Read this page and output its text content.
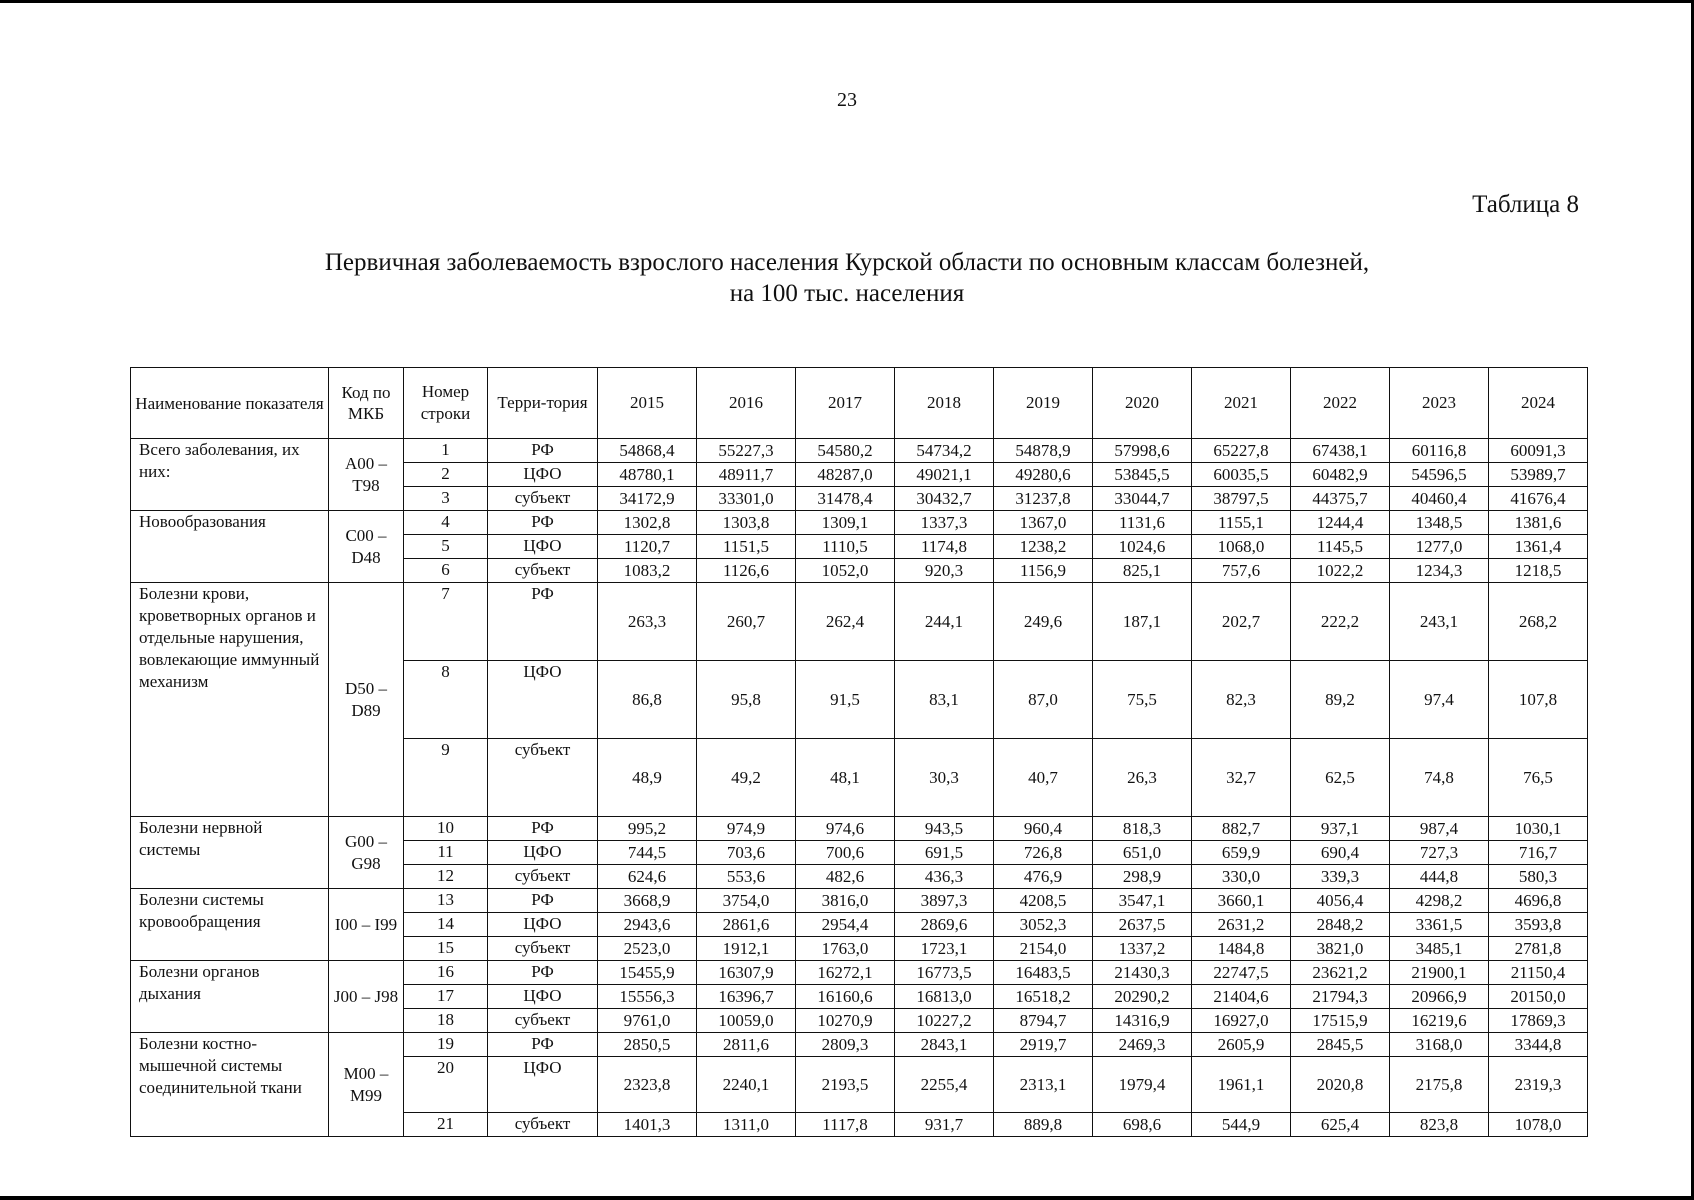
23
Таблица 8
Первичная заболеваемость взрослого населения Курской области по основным классам болезней,
на 100 тыс. населения
Наименование показателя	Код по МКБ	Номер строки	Терри-тория	2015	2016	2017	2018	2019	2020	2021	2022	2023	2024
Всего заболевания, их них:	А00 – Т98	1	РФ	54868,4	55227,3	54580,2	54734,2	54878,9	57998,6	65227,8	67438,1	60116,8	60091,3
		2	ЦФО	48780,1	48911,7	48287,0	49021,1	49280,6	53845,5	60035,5	60482,9	54596,5	53989,7
		3	субъект	34172,9	33301,0	31478,4	30432,7	31237,8	33044,7	38797,5	44375,7	40460,4	41676,4
Новообразования	С00 – D48	4	РФ	1302,8	1303,8	1309,1	1337,3	1367,0	1131,6	1155,1	1244,4	1348,5	1381,6
		5	ЦФО	1120,7	1151,5	1110,5	1174,8	1238,2	1024,6	1068,0	1145,5	1277,0	1361,4
		6	субъект	1083,2	1126,6	1052,0	920,3	1156,9	825,1	757,6	1022,2	1234,3	1218,5
Болезни крови, кроветворных органов и отдельные нарушения, вовлекающие иммунный механизм	D50 – D89	7	РФ	263,3	260,7	262,4	244,1	249,6	187,1	202,7	222,2	243,1	268,2
		8	ЦФО	86,8	95,8	91,5	83,1	87,0	75,5	82,3	89,2	97,4	107,8
		9	субъект	48,9	49,2	48,1	30,3	40,7	26,3	32,7	62,5	74,8	76,5
Болезни нервной системы	G00 – G98	10	РФ	995,2	974,9	974,6	943,5	960,4	818,3	882,7	937,1	987,4	1030,1
		11	ЦФО	744,5	703,6	700,6	691,5	726,8	651,0	659,9	690,4	727,3	716,7
		12	субъект	624,6	553,6	482,6	436,3	476,9	298,9	330,0	339,3	444,8	580,3
Болезни системы кровообращения	I00 – I99	13	РФ	3668,9	3754,0	3816,0	3897,3	4208,5	3547,1	3660,1	4056,4	4298,2	4696,8
		14	ЦФО	2943,6	2861,6	2954,4	2869,6	3052,3	2637,5	2631,2	2848,2	3361,5	3593,8
		15	субъект	2523,0	1912,1	1763,0	1723,1	2154,0	1337,2	1484,8	3821,0	3485,1	2781,8
Болезни органов дыхания	J00 – J98	16	РФ	15455,9	16307,9	16272,1	16773,5	16483,5	21430,3	22747,5	23621,2	21900,1	21150,4
		17	ЦФО	15556,3	16396,7	16160,6	16813,0	16518,2	20290,2	21404,6	21794,3	20966,9	20150,0
		18	субъект	9761,0	10059,0	10270,9	10227,2	8794,7	14316,9	16927,0	17515,9	16219,6	17869,3
Болезни костно-мышечной системы соединительной ткани	М00 – М99	19	РФ	2850,5	2811,6	2809,3	2843,1	2919,7	2469,3	2605,9	2845,5	3168,0	3344,8
		20	ЦФО	2323,8	2240,1	2193,5	2255,4	2313,1	1979,4	1961,1	2020,8	2175,8	2319,3
		21	субъект	1401,3	1311,0	1117,8	931,7	889,8	698,6	544,9	625,4	823,8	1078,0
